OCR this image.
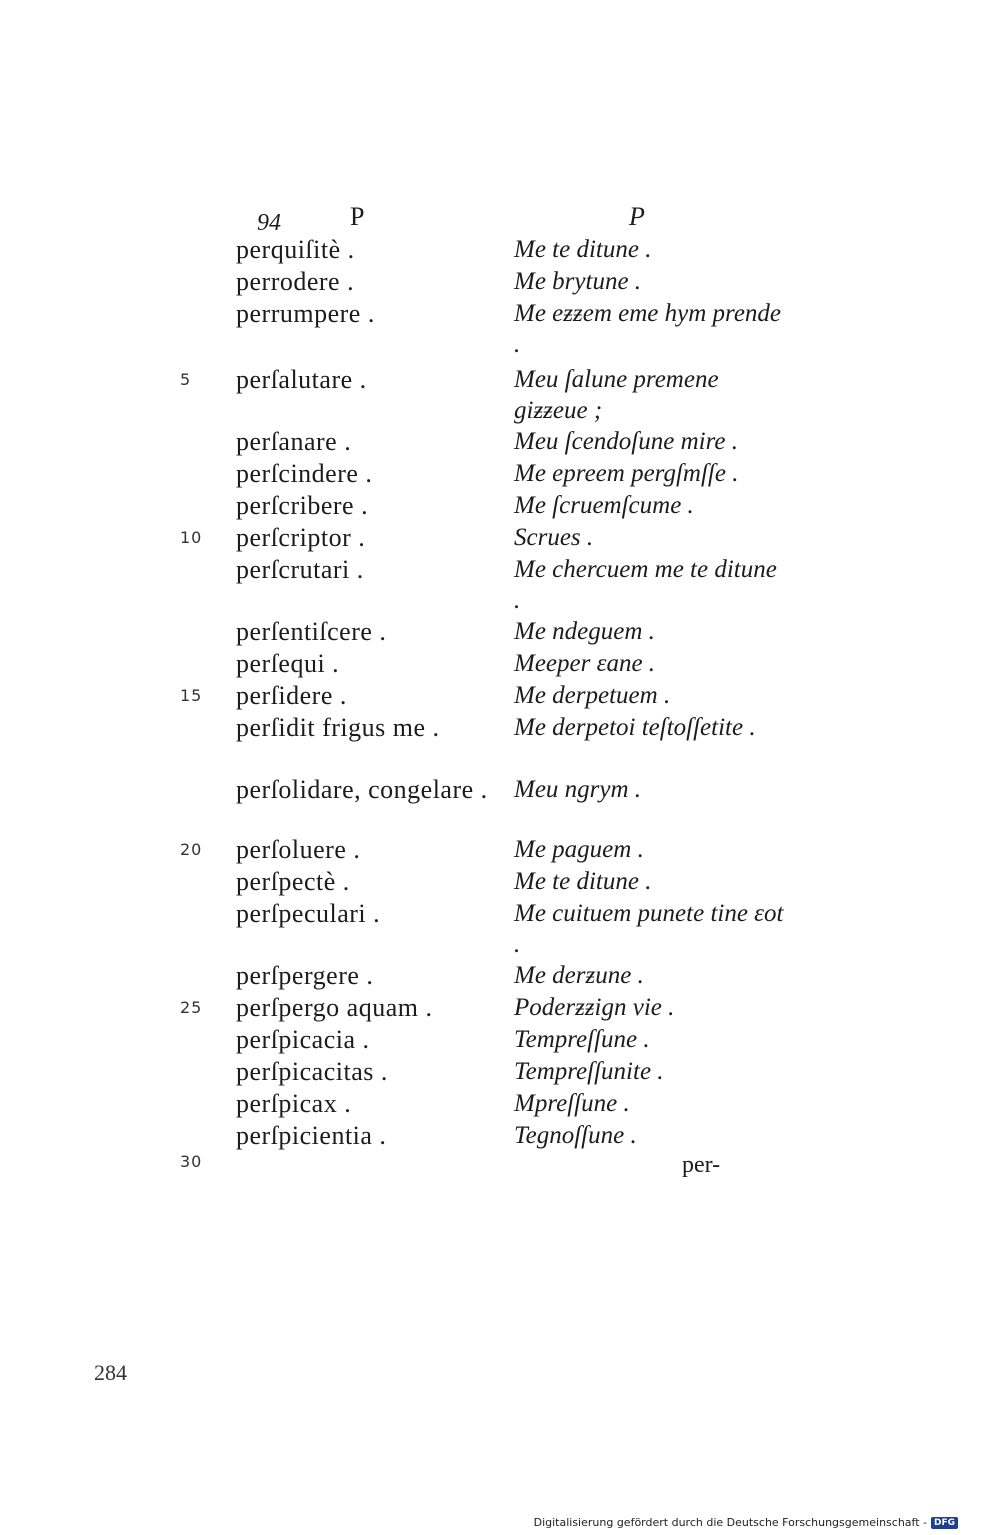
94	P	P
perquiſitè .	Me te ditune .
perrodere .	Me brytune .
perrumpere .	Me eƶƶem eme hym prende .
5	perſalutare .	Meu ſalune premene giƶƶeue ;
perſanare .	Meu ſcendoſune mire .
perſcindere .	Me epreem pergſmſſe .
perſcribere .	Me ſcruemſcume .
10 perſcriptor .	Scrues .
perſcrutari .	Me chercuem me te ditune .
perſentiſcere .	Me ndeguem .
perſequi .	Meeper εane .
15 perſidere .	Me derpetuem .
perſidit frigus me .	Me derpetoi teſtoſſetite .
perſolidare, congelare .	Meu ngrym .
20 perſoluere .	Me paguem .
perſpectè .	Me te ditune .
perſpeculari .	Me cuituem punete tine εot .
perſpergere .	Me derƶune .
25 perſpergo aquam .	Poderƶƶign vie .
perſpicacia .	Tempreſſune .
perſpicacitas .	Tempreſſunite .
perſpicax .	Mpreſſune .
perſpicientia .	Tegnoſſune .
30	per-
284
Digitalisierung gefördert durch die Deutsche Forschungsgemeinschaft - DFG
